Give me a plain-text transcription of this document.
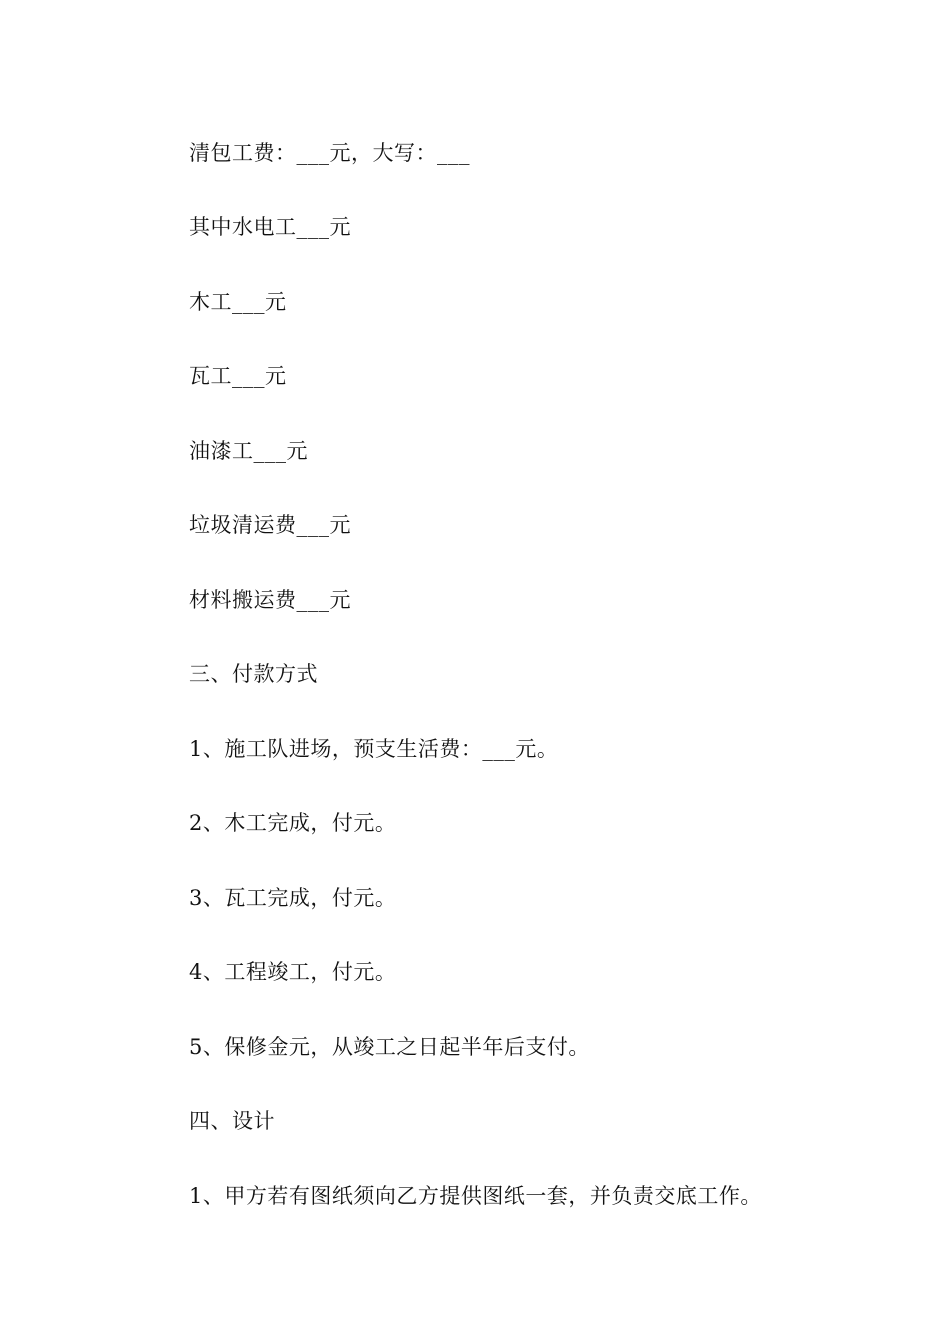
清包工费：___元，大写：___

其中水电工___元

木工___元

瓦工___元

油漆工___元

垃圾清运费___元

材料搬运费___元

三、付款方式

1、施工队进场，预支生活费：___元。

2、木工完成，付元。

3、瓦工完成，付元。

4、工程竣工，付元。

5、保修金元，从竣工之日起半年后支付。

四、设计

1、甲方若有图纸须向乙方提供图纸一套，并负责交底工作。
